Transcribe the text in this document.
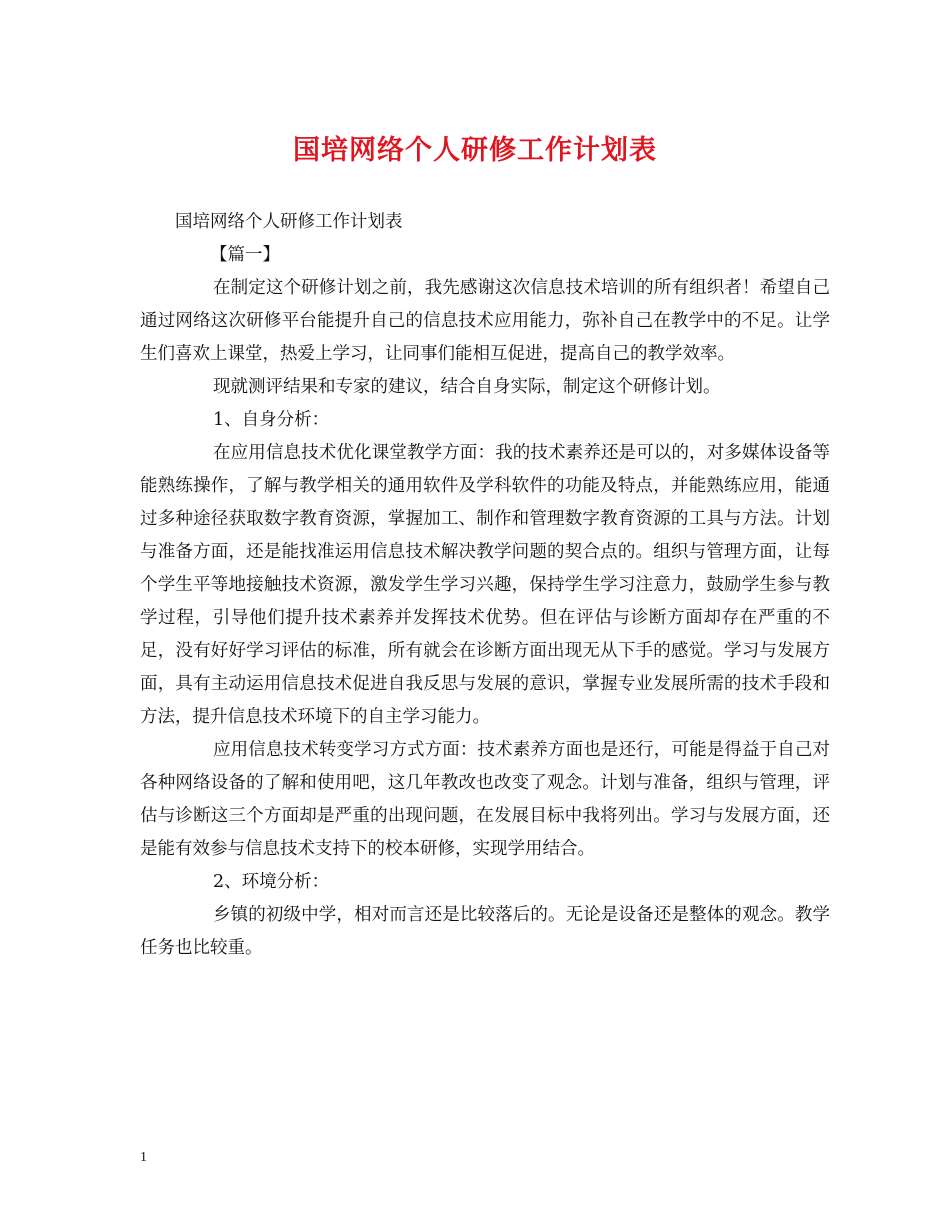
国培网络个人研修工作计划表

国培网络个人研修工作计划表

【篇一】

在制定这个研修计划之前，我先感谢这次信息技术培训的所有组织者！希望自己通过网络这次研修平台能提升自己的信息技术应用能力，弥补自己在教学中的不足。让学生们喜欢上课堂，热爱上学习，让同事们能相互促进，提高自己的教学效率。

现就测评结果和专家的建议，结合自身实际，制定这个研修计划。

1、自身分析：

在应用信息技术优化课堂教学方面：我的技术素养还是可以的，对多媒体设备等能熟练操作，了解与教学相关的通用软件及学科软件的功能及特点，并能熟练应用，能通过多种途径获取数字教育资源，掌握加工、制作和管理数字教育资源的工具与方法。计划与准备方面，还是能找准运用信息技术解决教学问题的契合点的。组织与管理方面，让每个学生平等地接触技术资源，激发学生学习兴趣，保持学生学习注意力，鼓励学生参与教学过程，引导他们提升技术素养并发挥技术优势。但在评估与诊断方面却存在严重的不足，没有好好学习评估的标准，所有就会在诊断方面出现无从下手的感觉。学习与发展方面，具有主动运用信息技术促进自我反思与发展的意识，掌握专业发展所需的技术手段和方法，提升信息技术环境下的自主学习能力。

应用信息技术转变学习方式方面：技术素养方面也是还行，可能是得益于自己对各种网络设备的了解和使用吧，这几年教改也改变了观念。计划与准备，组织与管理，评估与诊断这三个方面却是严重的出现问题，在发展目标中我将列出。学习与发展方面，还是能有效参与信息技术支持下的校本研修，实现学用结合。

2、环境分析：

乡镇的初级中学，相对而言还是比较落后的。无论是设备还是整体的观念。教学任务也比较重。

1
